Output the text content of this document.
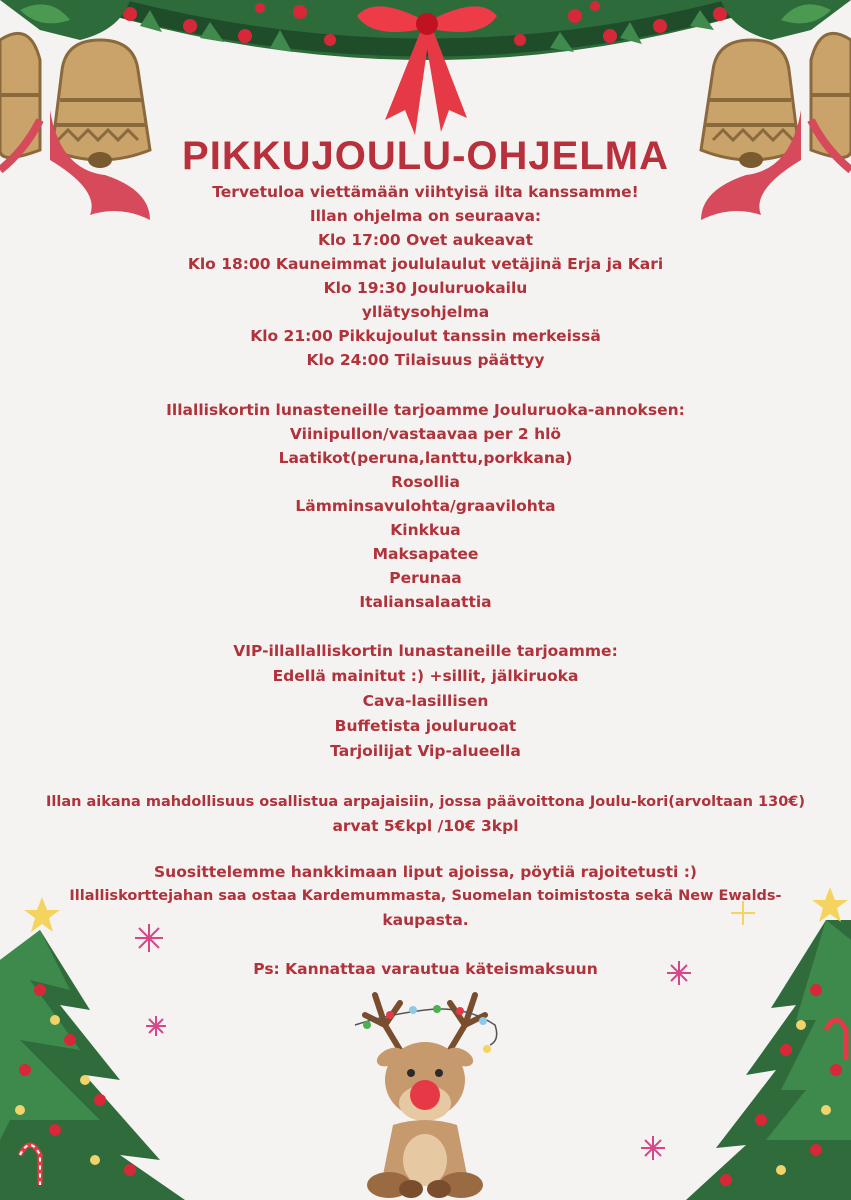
PIKKUJOULU-OHJELMA
Tervetuloa viettämään viihtyisä ilta kanssamme!
Illan ohjelma on seuraava:
Klo 17:00 Ovet aukeavat
Klo 18:00 Kauneimmat joululaulut vetäjinä Erja ja Kari
Klo 19:30 Jouluruokailu
yllätysohjelma
Klo 21:00 Pikkujoulut tanssin merkeissä
Klo 24:00 Tilaisuus päättyy
Illalliskortin lunasteneille tarjoamme Jouluruoka-annoksen:
Viinipullon/vastaavaa per 2 hlö
Laatikot(peruna,lanttu,porkkana)
Rosollia
Lämminsavulohta/graavilohta
Kinkkua
Maksapatee
Perunaa
Italiansalaattia
VIP-illallalliskortin lunastaneille tarjoamme:
Edellä mainitut :) +sillit, jälkiruoka
Cava-lasillisen
Buffetista jouluruoat
Tarjoilijat Vip-alueella
Illan aikana mahdollisuus osallistua arpajaisiin, jossa päävoittona Joulu-kori(arvoltaan 130€)
arvat 5€kpl /10€ 3kpl
Suosittelemme hankkimaan liput ajoissa, pöytiä rajoitetusti :)
Illalliskorttejahan saa ostaa Kardemummasta, Suomelan toimistosta sekä New Ewalds-
kaupasta.
Ps: Kannattaa varautua käteismaksuun
